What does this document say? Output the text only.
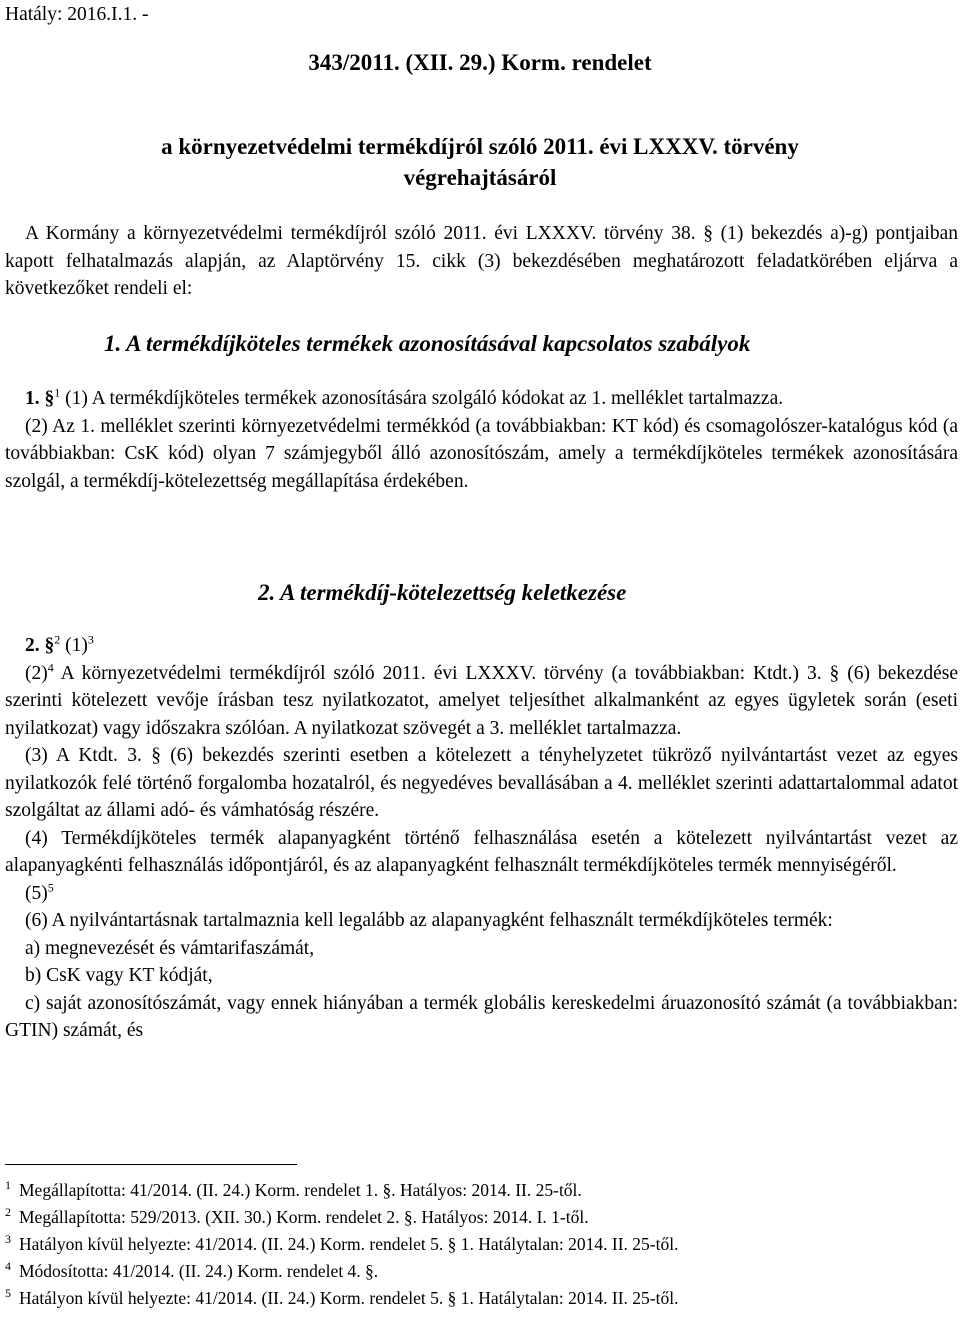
Hatály: 2016.I.1. -
343/2011. (XII. 29.) Korm. rendelet
a környezetvédelmi termékdíjról szóló 2011. évi LXXXV. törvény
végrehajtásáról

A Kormány a környezetvédelmi termékdíjról szóló 2011. évi LXXXV. törvény 38. § (1) bekezdés a)-g) pontjaiban kapott felhatalmazás alapján, az Alaptörvény 15. cikk (3) bekezdésében meghatározott feladatkörében eljárva a következőket rendeli el:

1. A termékdíjköteles termékek azonosításával kapcsolatos szabályok

1. §$^1$ (1) A termékdíjköteles termékek azonosítására szolgáló kódokat az 1. melléklet tartalmazza.

(2) Az 1. melléklet szerinti környezetvédelmi termékkód (a továbbiakban: KT kód) és csomagolószer-katalógus kód (a továbbiakban: CsK kód) olyan 7 számjegyből álló azonosítószám, amely a termékdíjköteles termékek azonosítására szolgál, a termékdíj-kötelezettség megállapítása érdekében.

2. A termékdíj-kötelezettség keletkezése

2. §$^2$ $(1)^3$

$(2)^4$ A környezetvédelmi termékdíjról szóló 2011. évi LXXXV. törvény (a továbbiakban: Ktdt.) 3. § (6) bekezdése szerinti kötelezett vevője írásban tesz nyilatkozatot, amelyet teljesíthet alkalmanként az egyes ügyletek során (eseti nyilatkozat) vagy időszakra szólóan. A nyilatkozat szövegét a 3. melléklet tartalmazza.

(3) A Ktdt. 3. § (6) bekezdés szerinti esetben a kötelezett a tényhelyzetet tükröző nyilvántartást vezet az egyes nyilatkozók felé történő forgalomba hozatalról, és negyedéves bevallásában a 4. melléklet szerinti adattartalommal adatot szolgáltat az állami adó- és vámhatóság részére.

(4) Termékdíjköteles termék alapanyagként történő felhasználása esetén a kötelezett nyilvántartást vezet az alapanyagkénti felhasználás időpontjáról, és az alapanyagként felhasznált termékdíjköteles termék mennyiségéről.

$(5)^5$

(6) A nyilvántartásnak tartalmaznia kell legalább az alapanyagként felhasznált termékdíjköteles termék:

a) megnevezését és vámtarifaszámát,

b) CsK vagy KT kódját,

c) saját azonosítószámát, vagy ennek hiányában a termék globális kereskedelmi áruazonosító számát (a továbbiakban: GTIN) számát, és

$^1$ Megállapította: 41/2014. (II. 24.) Korm. rendelet 1. §. Hatályos: 2014. II. 25-től.
$^2$ Megállapította: 529/2013. (XII. 30.) Korm. rendelet 2. §. Hatályos: 2014. I. 1-től.
$^3$ Hatályon kívül helyezte: 41/2014. (II. 24.) Korm. rendelet 5. § 1. Hatálytalan: 2014. II. 25-től.
$^4$ Módosította: 41/2014. (II. 24.) Korm. rendelet 4. §.
$^5$ Hatályon kívül helyezte: 41/2014. (II. 24.) Korm. rendelet 5. § 1. Hatálytalan: 2014. II. 25-től.
